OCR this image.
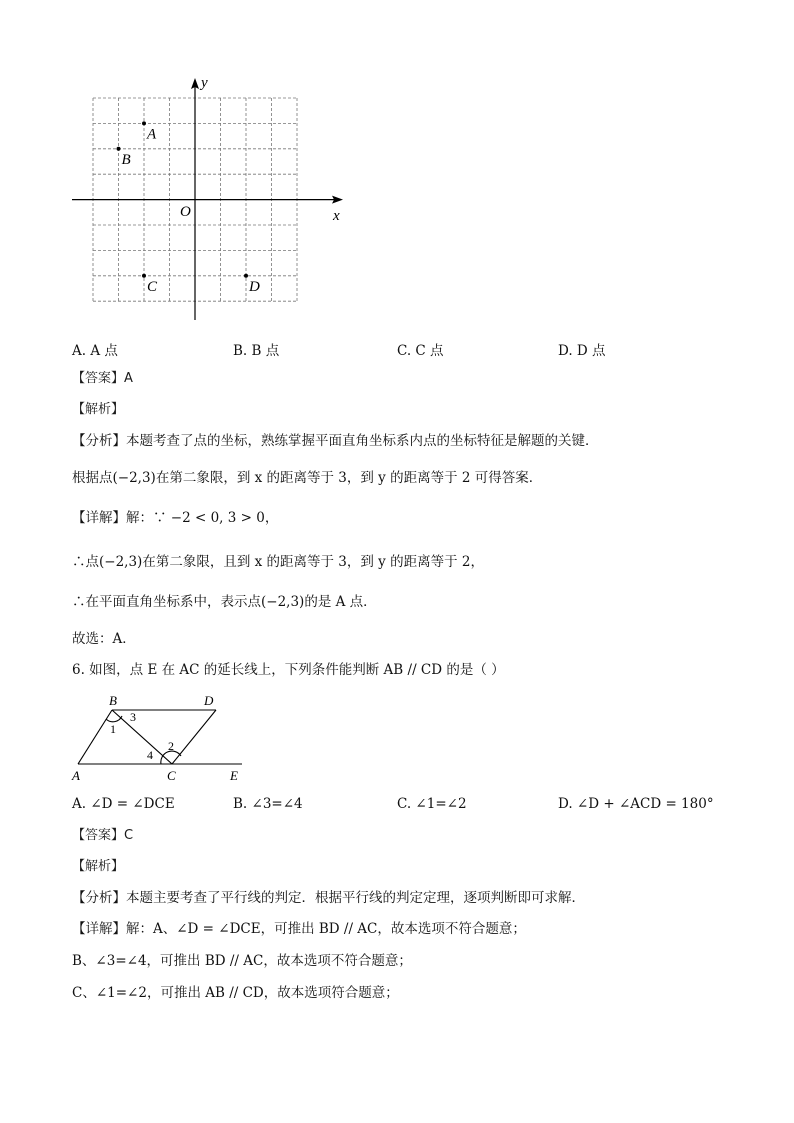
x
y
O
A
B
C	D
A. A 点	B. B 点	C. C 点	D. D 点
【答案】A
【解析】
【分析】本题考查了点的坐标，熟练掌握平面直角坐标系内点的坐标特征是解题的关键．
根据点(−2,3)在第二象限，到 x 的距离等于 3，到 y 的距离等于 2 可得答案．
【详解】解：∵ −2 < 0, 3 > 0，
∴点(−2,3)在第二象限，且到 x 的距离等于 3，到 y 的距离等于 2，
∴在平面直角坐标系中，表示点(−2,3)的是 A 点．
故选：A．
6. 如图，点 E 在 AC 的延长线上，下列条件能判断 AB // CD 的是（ ）
B	D
A	C	E
1
2
3
4
A. ∠D = ∠DCE	B. ∠3=∠4	C. ∠1=∠2	D. ∠D + ∠ACD = 180°
【答案】C
【解析】
【分析】本题主要考查了平行线的判定．根据平行线的判定定理，逐项判断即可求解．
【详解】解：A、∠D = ∠DCE，可推出 BD // AC，故本选项不符合题意；
B、∠3=∠4，可推出 BD // AC，故本选项不符合题意；
C、∠1=∠2，可推出 AB // CD，故本选项符合题意；
